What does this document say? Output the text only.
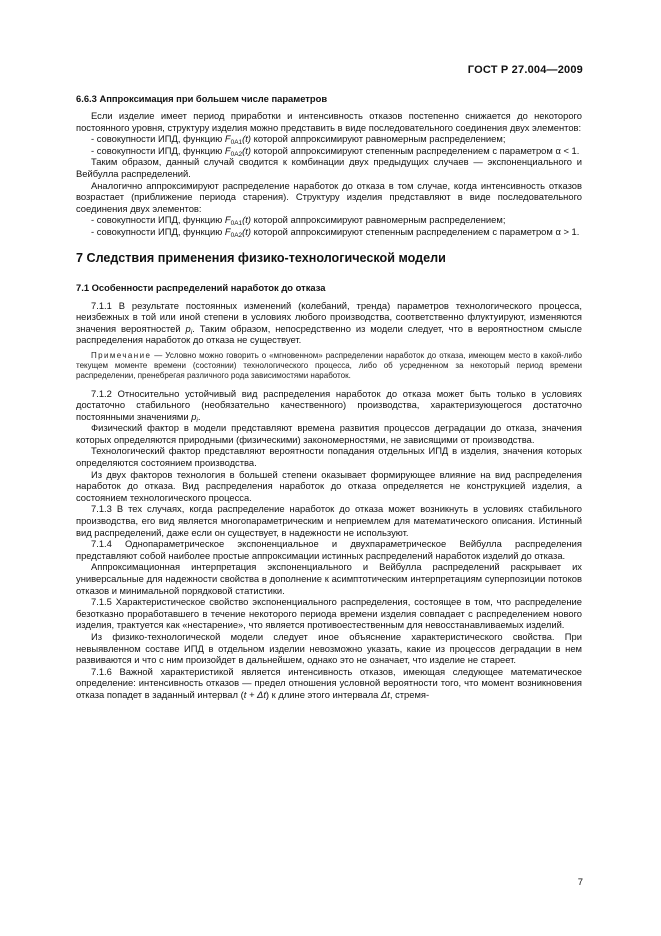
ГОСТ Р 27.004—2009
6.6.3 Аппроксимация при большем числе параметров

Если изделие имеет период приработки и интенсивность отказов постепенно снижается до некоторого постоянного уровня, структуру изделия можно представить в виде последовательного соединения двух элементов:

- совокупности ИПД, функцию $F_{0A1}(t)$ которой аппроксимируют равномерным распределением;

- совокупности ИПД, функцию $F_{0A2}(t)$ которой аппроксимируют степенным распределением с параметром α < 1.

Таким образом, данный случай сводится к комбинации двух предыдущих случаев — экспоненциального и Вейбулла распределений.

Аналогично аппроксимируют распределение наработок до отказа в том случае, когда интенсивность отказов возрастает (приближение периода старения). Структуру изделия представляют в виде последовательного соединения двух элементов:

- совокупности ИПД, функцию $F_{0A1}(t)$ которой аппроксимируют равномерным распределением;

- совокупности ИПД, функцию $F_{0A2}(t)$ которой аппроксимируют степенным распределением с параметром α > 1.

7 Следствия применения физико-технологической модели
7.1 Особенности распределений наработок до отказа

7.1.1 В результате постоянных изменений (колебаний, тренда) параметров технологического процесса, неизбежных в той или иной степени в условиях любого производства, соответственно флуктуируют, изменяются значения вероятностей $p_i$. Таким образом, непосредственно из модели следует, что в вероятностном смысле распределения наработок до отказа не существует.

Примечание — Условно можно говорить о «мгновенном» распределении наработок до отказа, имеющем место в какой-либо текущем моменте времени (состоянии) технологического процесса, либо об усредненном за некоторый период времени распределении, пренебрегая различного рода зависимостями наработок.

7.1.2 Относительно устойчивый вид распределения наработок до отказа может быть только в условиях достаточно стабильного (необязательно качественного) производства, характеризующегося достаточно постоянными значениями $p_i$.

Физический фактор в модели представляют времена развития процессов деградации до отказа, значения которых определяются природными (физическими) закономерностями, не зависящими от производства.

Технологический фактор представляют вероятности попадания отдельных ИПД в изделия, значения которых определяются состоянием производства.

Из двух факторов технология в большей степени оказывает формирующее влияние на вид распределения наработок до отказа. Вид распределения наработок до отказа определяется не конструкцией изделия, а состоянием технологического процесса.

7.1.3 В тех случаях, когда распределение наработок до отказа может возникнуть в условиях стабильного производства, его вид является многопараметрическим и неприемлем для математического описания. Истинный вид распределений, даже если он существует, в надежности не используют.

7.1.4 Однопараметрическое экспоненциальное и двухпараметрическое Вейбулла распределения представляют собой наиболее простые аппроксимации истинных распределений наработок изделий до отказа.

Аппроксимационная интерпретация экспоненциального и Вейбулла распределений раскрывает их универсальные для надежности свойства в дополнение к асимптотическим интерпретациям суперпозиции потоков отказов и минимальной порядковой статистики.

7.1.5 Характеристическое свойство экспоненциального распределения, состоящее в том, что распределение безотказно проработавшего в течение некоторого периода времени изделия совпадает с распределением нового изделия, трактуется как «нестарение», что является противоестественным для невосстанавливаемых изделий.

Из физико-технологической модели следует иное объяснение характеристического свойства. При невыявленном составе ИПД в отдельном изделии невозможно указать, какие из процессов деградации в нем развиваются и что с ним произойдет в дальнейшем, однако это не означает, что изделие не стареет.

7.1.6 Важной характеристикой является интенсивность отказов, имеющая следующее математическое определение: интенсивность отказов — предел отношения условной вероятности того, что момент возникновения отказа попадет в заданный интервал (t + Δt) к длине этого интервала Δt, стремя-

7
